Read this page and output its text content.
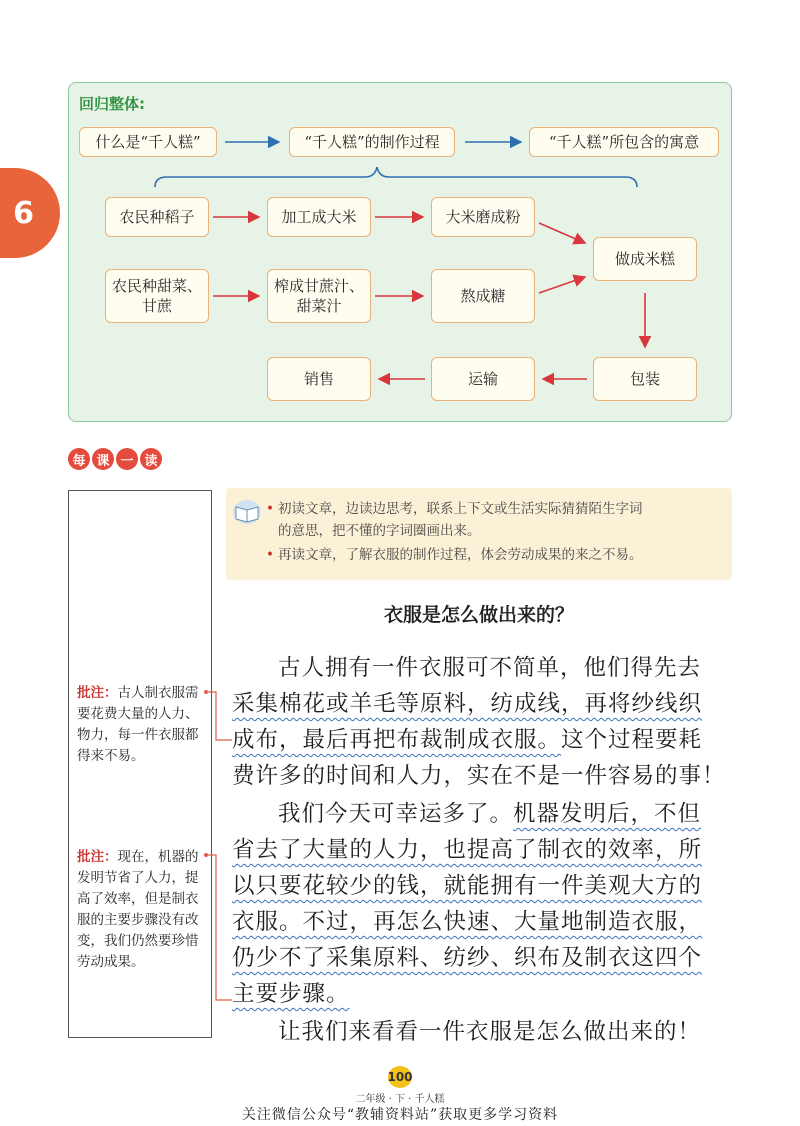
6
回归整体:
什么是“千人糕”	“千人糕”的制作过程	“千人糕”所包含的寓意
农民种稻子	加工成大米	大米磨成粉
农民种甜菜、甘蔗
榨成甘蔗汁、甜菜汁
熬成糖
做成米糕
销售	运输	包装
每 课 一 读
批注：古人制衣服需要花费大量的人力、物力，每一件衣服都得来不易。
批注：现在，机器的发明节省了人力，提高了效率，但是制衣服的主要步骤没有改变，我们仍然要珍惜劳动成果。
• 初读文章，边读边思考，联系上下文或生活实际猜猜陌生字词
的意思，把不懂的字词圈画出来。
• 再读文章，了解衣服的制作过程，体会劳动成果的来之不易。
衣服是怎么做出来的？
古人拥有一件衣服可不简单，他们得先去
采集棉花或羊毛等原料，纺成线，再将纱线织
成布，最后再把布裁制成衣服。这个过程要耗
费许多的时间和人力，实在不是一件容易的事！
我们今天可幸运多了。机器发明后，不但
省去了大量的人力，也提高了制衣的效率，所
以只要花较少的钱，就能拥有一件美观大方的
衣服。不过，再怎么快速、大量地制造衣服，
仍少不了采集原料、纺纱、织布及制衣这四个
主要步骤。
让我们来看看一件衣服是怎么做出来的！
100
二年级 · 下 · 千人糕
关注微信公众号“教辅资料站”获取更多学习资料
